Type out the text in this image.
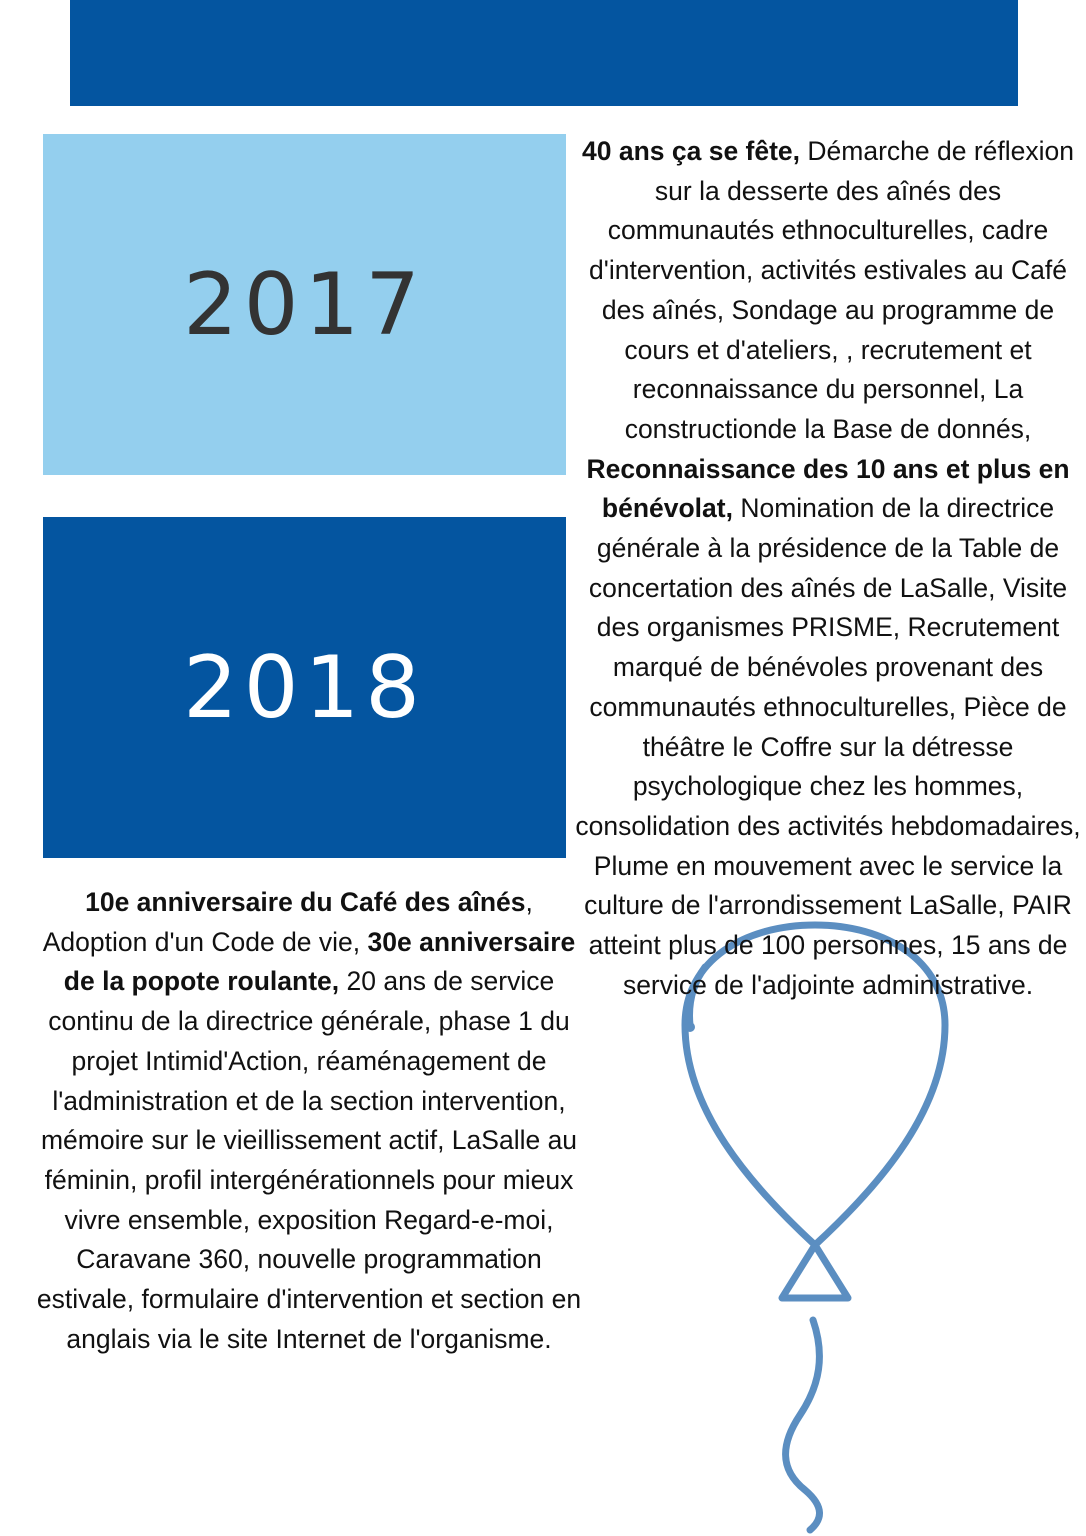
2017
2018
40 ans ça se fête, Démarche de réflexion sur la desserte des aînés des communautés ethnoculturelles, cadre d'intervention, activités estivales au Café des aînés, Sondage au programme de cours et d'ateliers, , recrutement et reconnaissance du personnel, La constructionde la Base de donnés, Reconnaissance des 10 ans et plus en bénévolat, Nomination de la directrice générale à la présidence de la Table de concertation des aînés de LaSalle, Visite des organismes PRISME, Recrutement marqué de bénévoles provenant des communautés ethnoculturelles, Pièce de théâtre le Coffre sur la détresse psychologique chez les hommes, consolidation des activités hebdomadaires, Plume en mouvement avec le service la culture de l'arrondissement LaSalle, PAIR atteint plus de 100 personnes, 15 ans de service de l'adjointe administrative.
10e anniversaire du Café des aînés, Adoption d'un Code de vie, 30e anniversaire de la popote roulante, 20 ans de service continu de la directrice générale, phase 1 du projet Intimid'Action, réaménagement de l'administration et de la section intervention, mémoire sur le vieillissement actif, LaSalle au féminin, profil intergénérationnels pour mieux vivre ensemble, exposition Regard-e-moi, Caravane 360, nouvelle programmation estivale, formulaire d'intervention et section en anglais via le site Internet de l'organisme.
